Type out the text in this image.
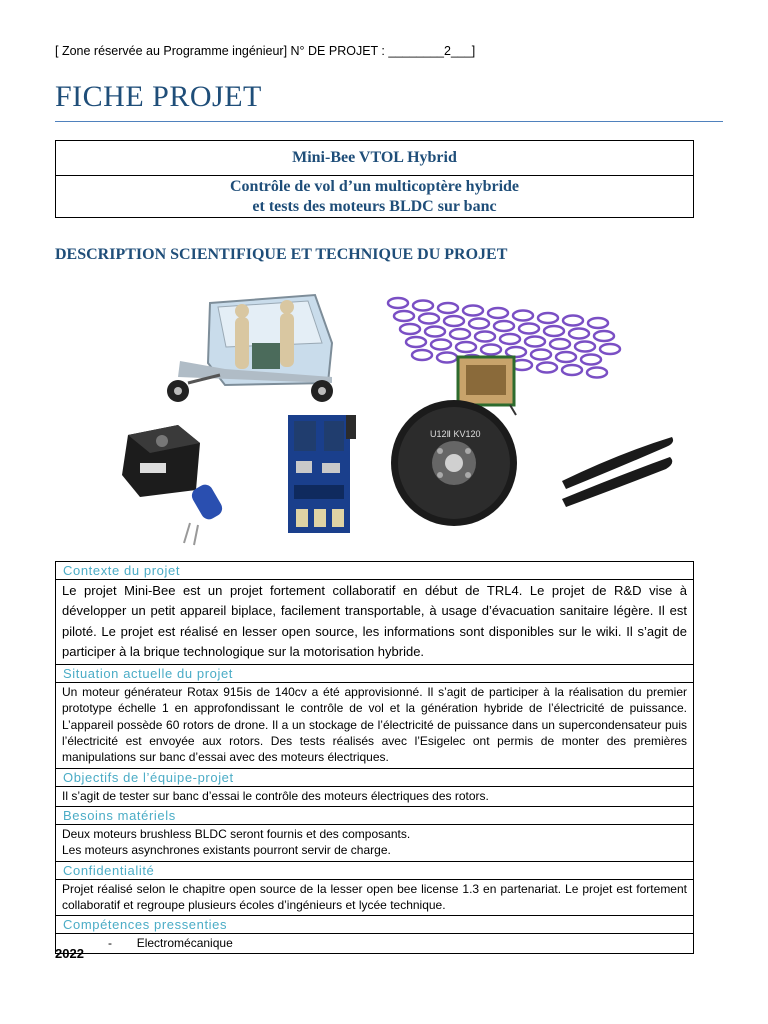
[ Zone réservée au Programme ingénieur] N° DE PROJET : ________2___]
FICHE PROJET
Mini-Bee VTOL Hybrid
Contrôle de vol d’un multicoptère hybride
et tests des moteurs BLDC sur banc
DESCRIPTION SCIENTIFIQUE ET TECHNIQUE DU PROJET
U12Ⅱ KV120
Contexte du projet
Le projet Mini-Bee est un projet fortement collaboratif en début de TRL4. Le projet de R&D vise à développer un petit appareil biplace, facilement transportable, à usage d’évacuation sanitaire légère. Il est piloté. Le projet est réalisé en lesser open source, les informations sont disponibles sur le wiki. Il s’agit de participer à la brique technologique sur la motorisation hybride.
Situation actuelle du projet
Un moteur générateur Rotax 915is de 140cv a été approvisionné. Il s’agit de participer à la réalisation du premier prototype échelle 1 en approfondissant le contrôle de vol et la génération hybride de l’électricité de puissance. L’appareil possède 60 rotors de drone. Il a un stockage de l’électricité de puissance dans un supercondensateur puis l’électricité est envoyée aux rotors. Des tests réalisés avec l’Esigelec ont permis de monter des premières manipulations sur banc d’essai avec des moteurs électriques.
Objectifs de l’équipe-projet
Il s’agit de tester sur banc d’essai le contrôle des moteurs électriques des rotors.
Besoins matériels
Deux moteurs brushless BLDC seront fournis et des composants.
Les moteurs asynchrones existants pourront servir de charge.
Confidentialité
Projet réalisé selon le chapitre open source de la lesser open bee license 1.3 en partenariat. Le projet est fortement collaboratif et regroupe plusieurs écoles d’ingénieurs et lycée technique.
Compétences pressenties
- Electromécanique
2022
